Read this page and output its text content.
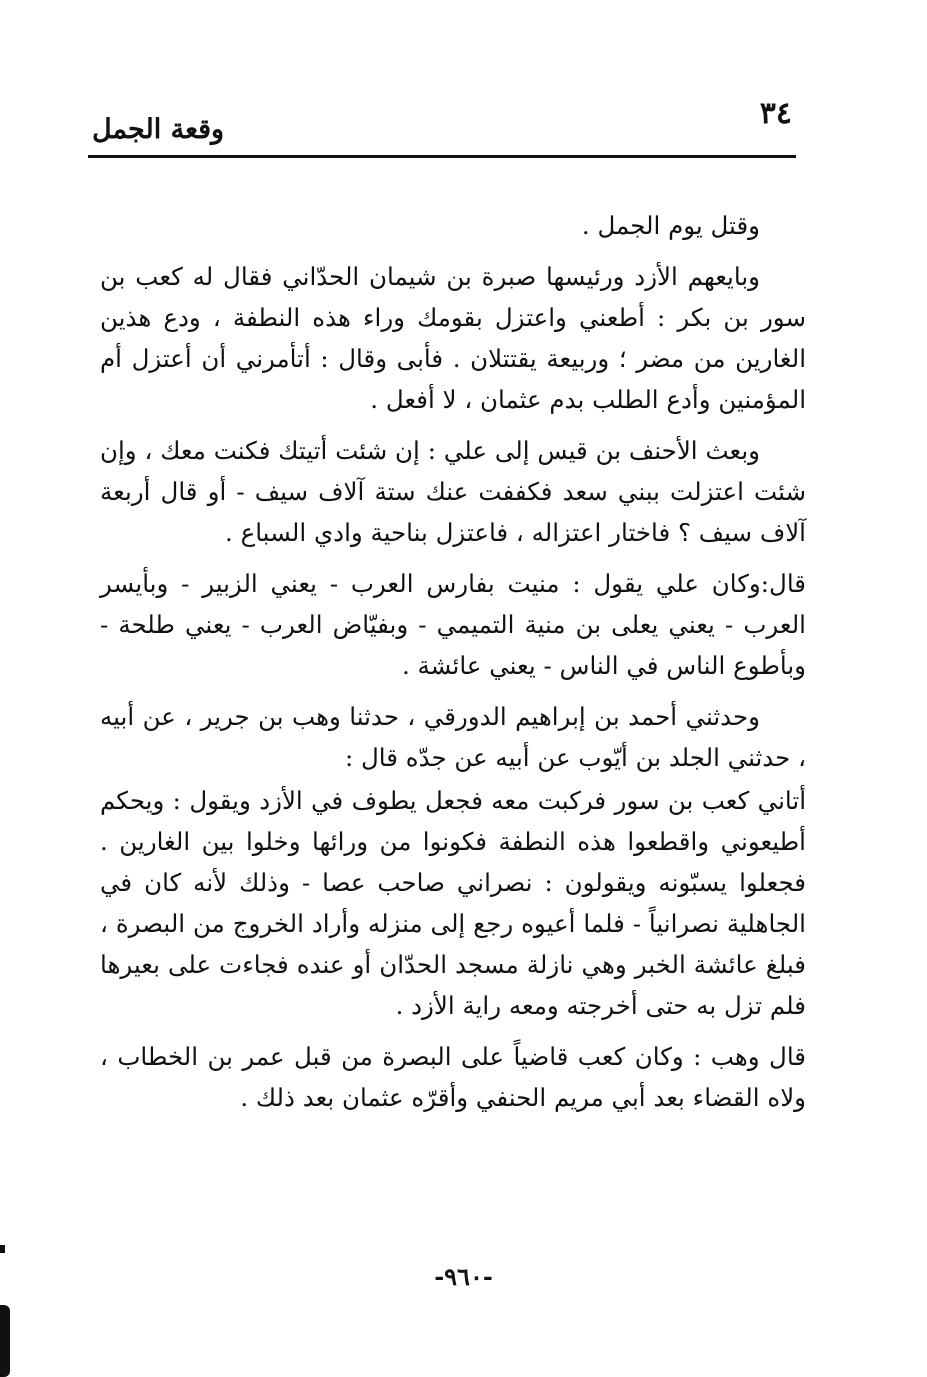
٣٤
وقعة الجمل

وقتل يوم الجمل .

وبايعهم الأزد ورئيسها صبرة بن شيمان الحدّاني فقال له كعب بن سور بن بكر : أطعني واعتزل بقومك وراء هذه النطفة ، ودع هذين الغارين من مضر ؛ وربيعة يقتتلان . فأبى وقال : أتأمرني أن أعتزل أم المؤمنين وأدع الطلب بدم عثمان ، لا أفعل .

وبعث الأحنف بن قيس إلى علي : إن شئت أتيتك فكنت معك ، وإن شئت اعتزلت ببني سعد فكففت عنك ستة آلاف سيف - أو قال أربعة آلاف سيف ؟ فاختار اعتزاله ، فاعتزل بناحية وادي السباع .

قال:وكان علي يقول : منيت بفارس العرب - يعني الزبير - وبأيسر العرب - يعني يعلى بن منية التميمي - وبفيّاض العرب - يعني طلحة - وبأطوع الناس في الناس - يعني عائشة .

وحدثني أحمد بن إبراهيم الدورقي ، حدثنا وهب بن جرير ، عن أبيه ، حدثني الجلد بن أيّوب عن أبيه عن جدّه قال :

أتاني كعب بن سور فركبت معه فجعل يطوف في الأزد ويقول : ويحكم أطيعوني واقطعوا هذه النطفة فكونوا من ورائها وخلوا بين الغارين . فجعلوا يسبّونه ويقولون : نصراني صاحب عصا - وذلك لأنه كان في الجاهلية نصرانياً - فلما أعيوه رجع إلى منزله وأراد الخروج من البصرة ، فبلغ عائشة الخبر وهي نازلة مسجد الحدّان أو عنده فجاءت على بعيرها فلم تزل به حتى أخرجته ومعه راية الأزد .

قال وهب : وكان كعب قاضياً على البصرة من قبل عمر بن الخطاب ، ولاه القضاء بعد أبي مريم الحنفي وأقرّه عثمان بعد ذلك .

-٩٦٠-
